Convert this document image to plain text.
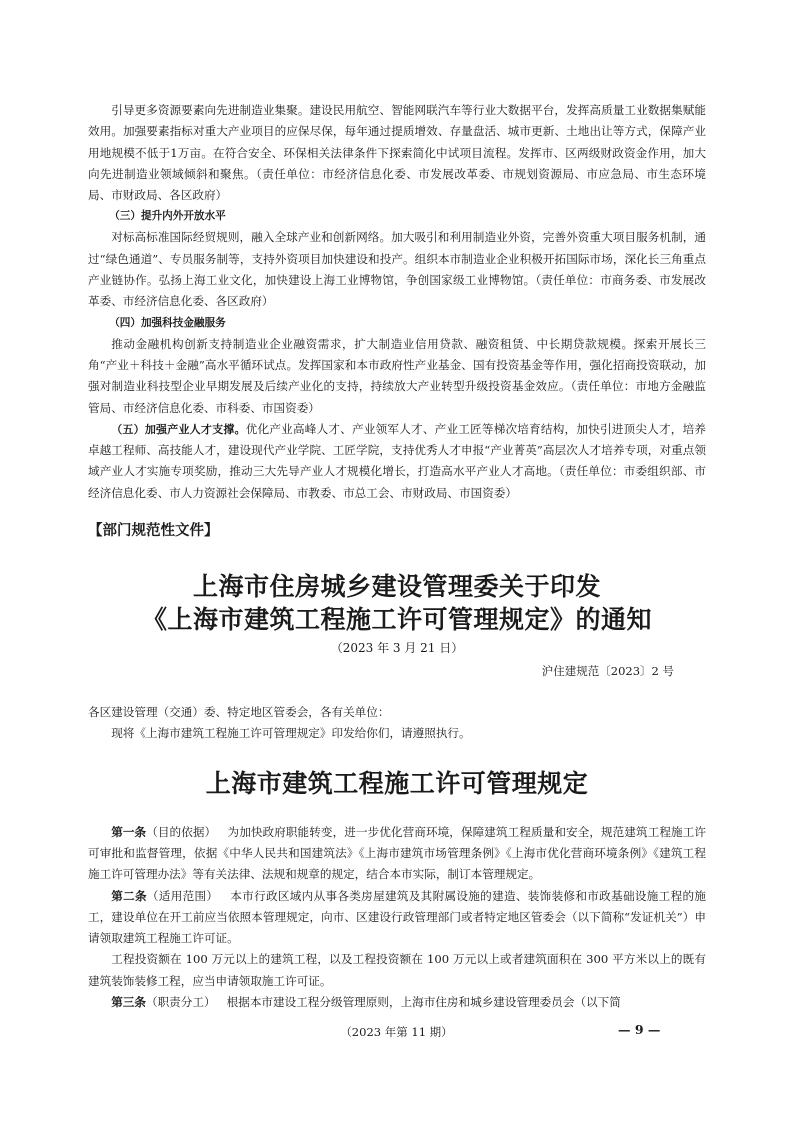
引导更多资源要素向先进制造业集聚。建设民用航空、智能网联汽车等行业大数据平台，发挥高质量工业数据集赋能效用。加强要素指标对重大产业项目的应保尽保，每年通过提质增效、存量盘活、城市更新、土地出让等方式，保障产业用地规模不低于1万亩。在符合安全、环保相关法律条件下探索简化中试项目流程。发挥市、区两级财政资金作用，加大向先进制造业领域倾斜和聚焦。（责任单位：市经济信息化委、市发展改革委、市规划资源局、市应急局、市生态环境局、市财政局、各区政府）

（三）提升内外开放水平

对标高标准国际经贸规则，融入全球产业和创新网络。加大吸引和利用制造业外资，完善外资重大项目服务机制，通过“绿色通道”、专员服务制等，支持外资项目加快建设和投产。组织本市制造业企业积极开拓国际市场，深化长三角重点产业链协作。弘扬上海工业文化，加快建设上海工业博物馆，争创国家级工业博物馆。（责任单位：市商务委、市发展改革委、市经济信息化委、各区政府）

（四）加强科技金融服务

推动金融机构创新支持制造业企业融资需求，扩大制造业信用贷款、融资租赁、中长期贷款规模。探索开展长三角“产业＋科技＋金融”高水平循环试点。发挥国家和本市政府性产业基金、国有投资基金等作用，强化招商投资联动，加强对制造业科技型企业早期发展及后续产业化的支持，持续放大产业转型升级投资基金效应。（责任单位：市地方金融监管局、市经济信息化委、市科委、市国资委）

（五）加强产业人才支撑。优化产业高峰人才、产业领军人才、产业工匠等梯次培育结构，加快引进顶尖人才，培养卓越工程师、高技能人才，建设现代产业学院、工匠学院，支持优秀人才申报“产业菁英”高层次人才培养专项，对重点领域产业人才实施专项奖励，推动三大先导产业人才规模化增长，打造高水平产业人才高地。（责任单位：市委组织部、市经济信息化委、市人力资源社会保障局、市教委、市总工会、市财政局、市国资委）

【部门规范性文件】

上海市住房城乡建设管理委关于印发

《上海市建筑工程施工许可管理规定》的通知

（2023 年 3 月 21 日）

沪住建规范〔2023〕2 号

各区建设管理（交通）委、特定地区管委会，各有关单位：

现将《上海市建筑工程施工许可管理规定》印发给你们，请遵照执行。

上海市建筑工程施工许可管理规定

第一条（目的依据） 为加快政府职能转变，进一步优化营商环境，保障建筑工程质量和安全，规范建筑工程施工许可审批和监督管理，依据《中华人民共和国建筑法》《上海市建筑市场管理条例》《上海市优化营商环境条例》《建筑工程施工许可管理办法》等有关法律、法规和规章的规定，结合本市实际，制订本管理规定。

第二条（适用范围） 本市行政区域内从事各类房屋建筑及其附属设施的建造、装饰装修和市政基础设施工程的施工，建设单位在开工前应当依照本管理规定，向市、区建设行政管理部门或者特定地区管委会（以下简称“发证机关”）申请领取建筑工程施工许可证。

工程投资额在 100 万元以上的建筑工程，以及工程投资额在 100 万元以上或者建筑面积在 300 平方米以上的既有建筑装饰装修工程，应当申请领取施工许可证。

第三条（职责分工） 根据本市建设工程分级管理原则，上海市住房和城乡建设管理委员会（以下简

（2023 年第 11 期）	— 9 —
